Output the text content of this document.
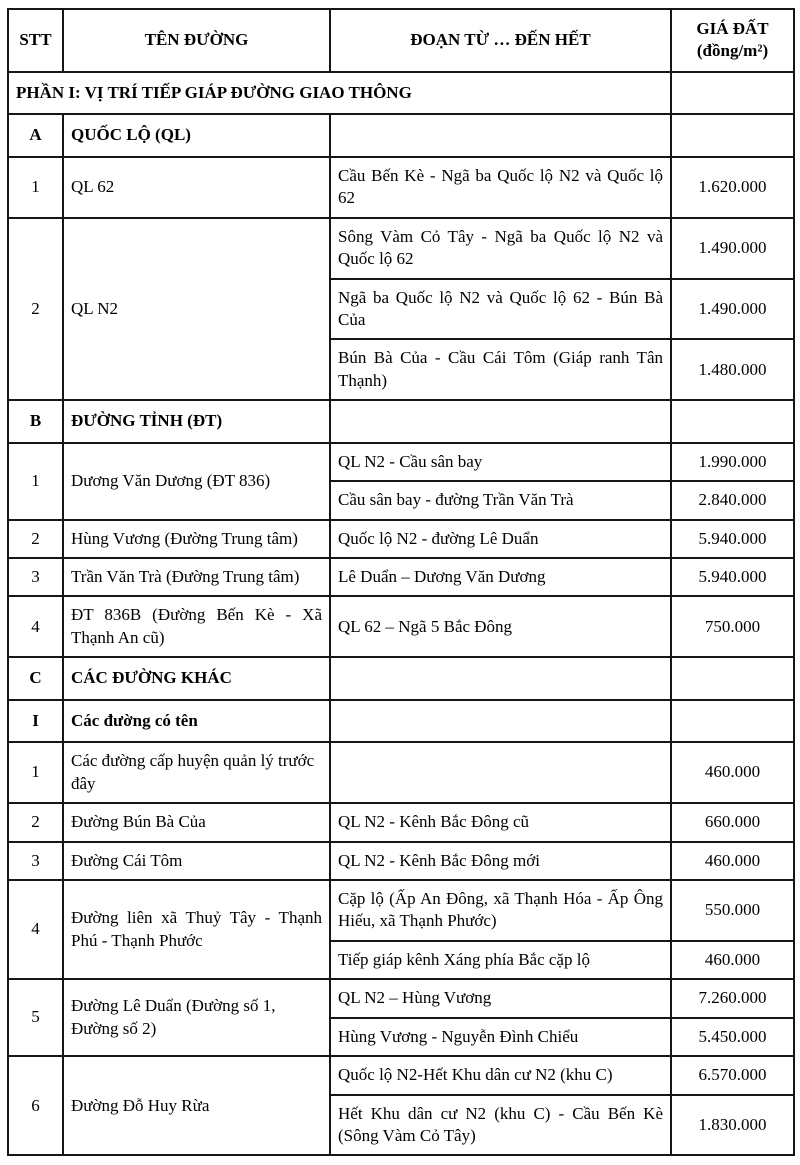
STT	TÊN ĐƯỜNG	ĐOẠN TỪ … ĐẾN HẾT	GIÁ ĐẤT
(đồng/m²)

PHẦN I: VỊ TRÍ TIẾP GIÁP ĐƯỜNG GIAO THÔNG			
A	QUỐC LỘ (QL)		
1	QL 62	Cầu Bến Kè - Ngã ba Quốc lộ N2 và Quốc lộ 62	1.620.000
2	QL N2	Sông Vàm Cỏ Tây - Ngã ba Quốc lộ N2 và Quốc lộ 62	1.490.000
		Ngã ba Quốc lộ N2 và Quốc lộ 62 - Bún Bà Của	1.490.000
		Bún Bà Của - Cầu Cái Tôm (Giáp ranh Tân Thạnh)	1.480.000
B	ĐƯỜNG TỈNH (ĐT)		
1	Dương Văn Dương (ĐT 836)	QL N2 - Cầu sân bay	1.990.000
		Cầu sân bay - đường Trần Văn Trà	2.840.000
2	Hùng Vương (Đường Trung tâm)	Quốc lộ N2 - đường Lê Duẩn	5.940.000
3	Trần Văn Trà (Đường Trung tâm)	Lê Duẩn – Dương Văn Dương	5.940.000
4	ĐT 836B (Đường Bến Kè - Xã Thạnh An cũ)	QL 62 – Ngã 5 Bắc Đông	750.000
C	CÁC ĐƯỜNG KHÁC		
I	Các đường có tên		
1	Các đường cấp huyện quản lý trước đây		460.000
2	Đường Bún Bà Của	QL N2 - Kênh Bắc Đông cũ	660.000
3	Đường Cái Tôm	QL N2 - Kênh Bắc Đông mới	460.000
4	Đường liên xã Thuỷ Tây - Thạnh Phú - Thạnh Phước	Cặp lộ (Ấp An Đông, xã Thạnh Hóa - Ấp Ông Hiếu, xã Thạnh Phước)	550.000
		Tiếp giáp kênh Xáng phía Bắc cặp lộ	460.000
5	Đường Lê Duẩn (Đường số 1, Đường số 2)	QL N2 – Hùng Vương	7.260.000
		Hùng Vương - Nguyễn Đình Chiểu	5.450.000
6	Đường Đỗ Huy Rừa	Quốc lộ N2-Hết Khu dân cư N2 (khu C)	6.570.000
		Hết Khu dân cư N2 (khu C) - Cầu Bến Kè (Sông Vàm Cỏ Tây)	1.830.000
